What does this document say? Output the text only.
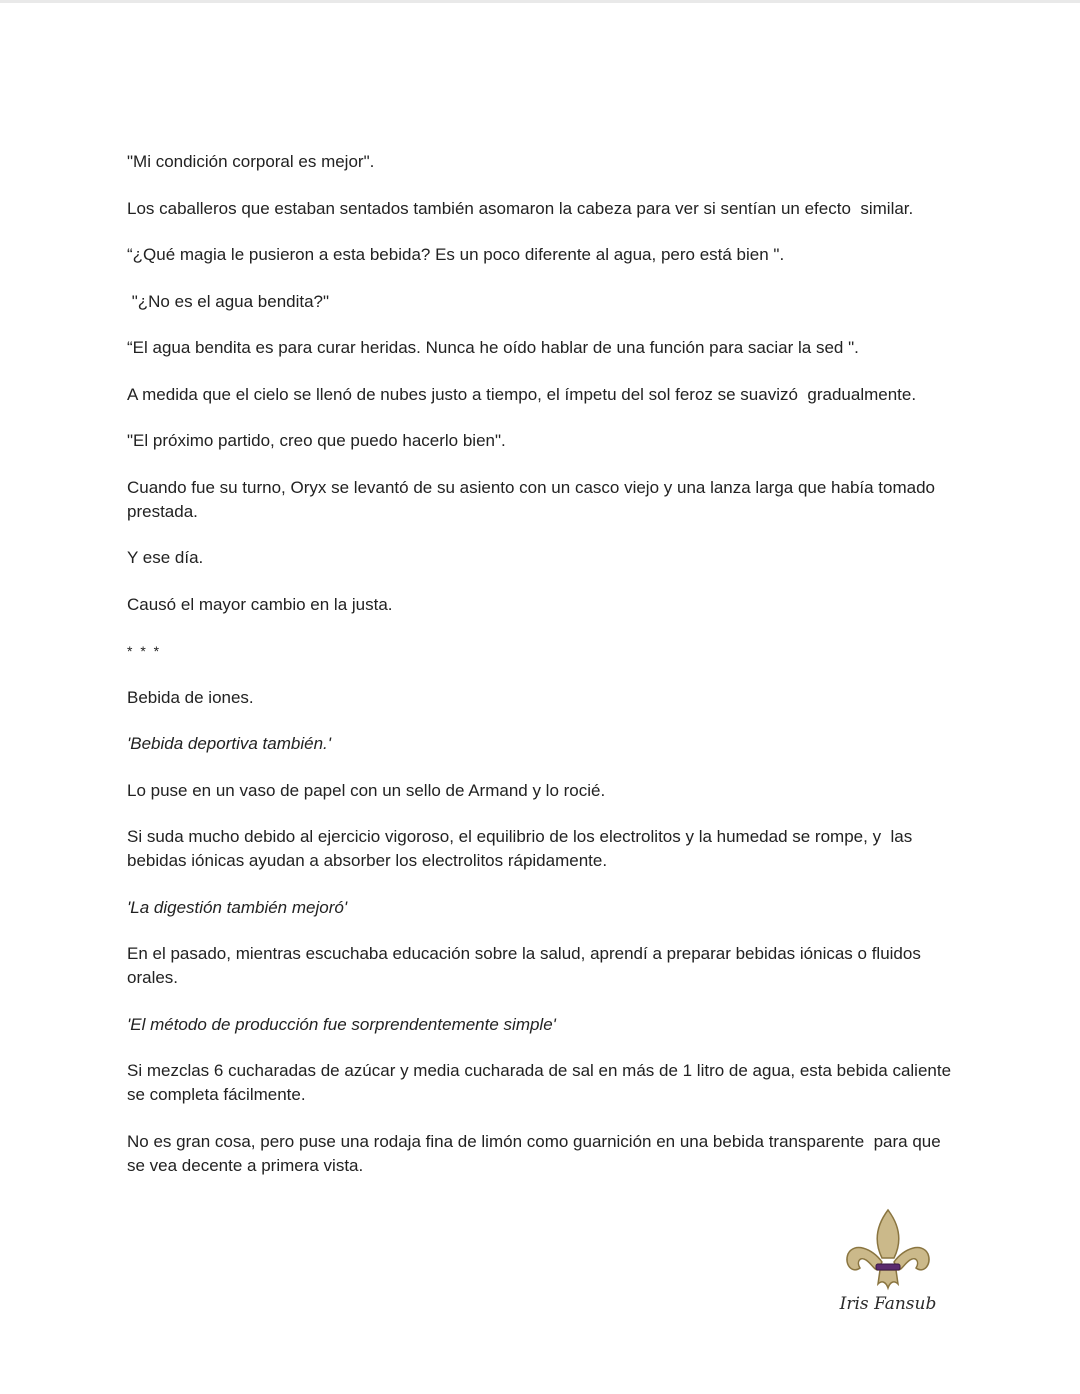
"Mi condición corporal es mejor".

Los caballeros que estaban sentados también asomaron la cabeza para ver si sentían un efecto  similar.

“¿Qué magia le pusieron a esta bebida? Es un poco diferente al agua, pero está bien ".

"¿No es el agua bendita?"

“El agua bendita es para curar heridas. Nunca he oído hablar de una función para saciar la sed ".

A medida que el cielo se llenó de nubes justo a tiempo, el ímpetu del sol feroz se suavizó  gradualmente.

"El próximo partido, creo que puedo hacerlo bien".

Cuando fue su turno, Oryx se levantó de su asiento con un casco viejo y una lanza larga que había tomado prestada.

Y ese día.

Causó el mayor cambio en la justa.

* * *

Bebida de iones.

'Bebida deportiva también.'

Lo puse en un vaso de papel con un sello de Armand y lo rocié.

Si suda mucho debido al ejercicio vigoroso, el equilibrio de los electrolitos y la humedad se rompe, y  las bebidas iónicas ayudan a absorber los electrolitos rápidamente.

'La digestión también mejoró'

En el pasado, mientras escuchaba educación sobre la salud, aprendí a preparar bebidas iónicas o fluidos orales.

'El método de producción fue sorprendentemente simple'

Si mezclas 6 cucharadas de azúcar y media cucharada de sal en más de 1 litro de agua, esta bebida caliente se completa fácilmente.

No es gran cosa, pero puse una rodaja fina de limón como guarnición en una bebida transparente  para que se vea decente a primera vista.

Iris Fansub
